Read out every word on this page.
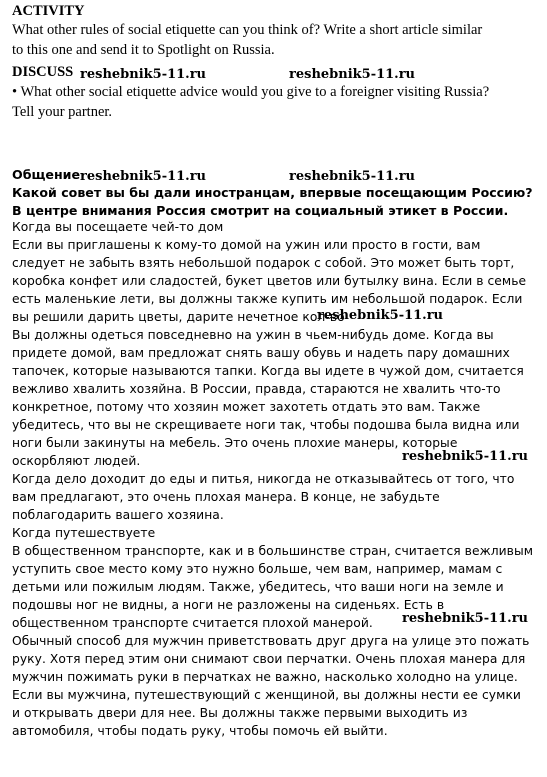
ACTIVITY
What other rules of social etiquette can you think of? Write a short article similar
to this one and send it to Spotlight on Russia.
DISCUSS
• What other social etiquette advice would you give to a foreigner visiting Russia?
Tell your partner.
Общение
Какой совет вы бы дали иностранцам, впервые посещающим Россию?
В центре внимания Россия смотрит на социальный этикет в России.
Когда вы посещаете чей-то дом
Если вы приглашены к кому-то домой на ужин или просто в гости, вам
следует не забыть взять небольшой подарок с собой. Это может быть торт,
коробка конфет или сладостей, букет цветов или бутылку вина. Если в семье
есть маленькие лети, вы должны также купить им небольшой подарок. Если
вы решили дарить цветы, дарите нечетное кол-во
Вы должны одеться повседневно на ужин в чьем-нибудь доме. Когда вы
придете домой, вам предложат снять вашу обувь и надеть пару домашних
тапочек, которые называются тапки. Когда вы идете в чужой дом, считается
вежливо хвалить хозяйна. В России, правда, стараются не хвалить что-то
конкретное, потому что хозяин может захотеть отдать это вам. Также
убедитесь, что вы не скрещиваете ноги так, чтобы подошва была видна или
ноги были закинуты на мебель. Это очень плохие манеры, которые
оскорбляют людей.
Когда дело доходит до еды и питья, никогда не отказывайтесь от того, что
вам предлагают, это очень плохая манера. В конце, не забудьте
поблагодарить вашего хозяина.
Когда путешествуете
В общественном транспорте, как и в большинстве стран, считается вежливым
уступить свое место кому это нужно больше, чем вам, например, мамам с
детьми или пожилым людям. Также, убедитесь, что ваши ноги на земле и
подошвы ног не видны, а ноги не разложены на сиденьях. Есть в
общественном транспорте считается плохой манерой.
Обычный способ для мужчин приветствовать друг друга на улице это пожать
руку. Хотя перед этим они снимают свои перчатки. Очень плохая манера для
мужчин пожимать руки в перчатках не важно, насколько холодно на улице.
Если вы мужчина, путешествующий с женщиной, вы должны нести ее сумки
и открывать двери для нее. Вы должны также первыми выходить из
автомобиля, чтобы подать руку, чтобы помочь ей выйти.
reshebnik5-11.ru	reshebnik5-11.ru
reshebnik5-11.ru	reshebnik5-11.ru
reshebnik5-11.ru
reshebnik5-11.ru
reshebnik5-11.ru
